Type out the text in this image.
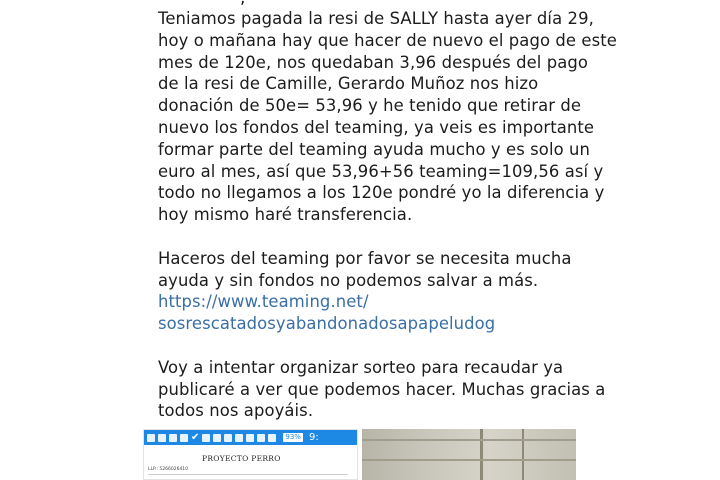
Teniamos pagada la resi de SALLY hasta ayer día 29,
hoy o mañana hay que hacer de nuevo el pago de este
mes de 120e, nos quedaban 3,96 después del pago
de la resi de Camille, Gerardo Muñoz nos hizo
donación de 50e= 53,96 y he tenido que retirar de
nuevo los fondos del teaming, ya veis es importante
formar parte del teaming ayuda mucho y es solo un
euro al mes, así que 53,96+56 teaming=109,56 así y
todo no llegamos a los 120e pondré yo la diferencia y
hoy mismo haré transferencia.
Haceros del teaming por favor se necesita mucha
ayuda y sin fondos no podemos salvar a más.
https://www.teaming.net/
sosrescatadosyabandonadosapapeludog
Voy a intentar organizar sorteo para recaudar ya
publicaré a ver que podemos hacer. Muchas gracias a
todos nos apoyáis.
✔	93% 9:
PROYECTO PERRO
LLP.: 5266026410
